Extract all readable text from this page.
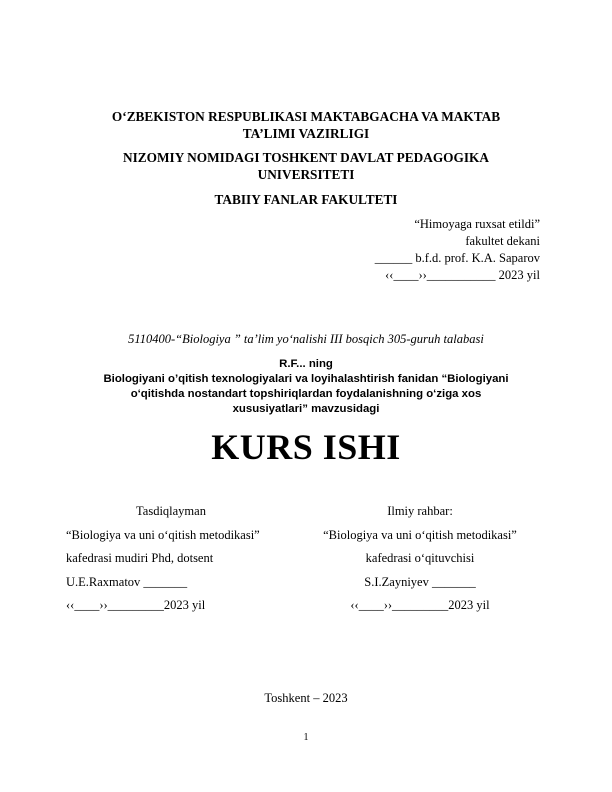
O‘ZBEKISTON RESPUBLIKASI MAKTABGACHA VA MAKTAB
TA’LIMI VAZIRLIGI
NIZOMIY NOMIDAGI TOSHKENT DAVLAT PEDAGOGIKA
UNIVERSITETI
TABIIY FANLAR FAKULTETI
“Himoyaga ruxsat etildi”
fakultet dekani
______ b.f.d. prof. K.A. Saparov
‹‹____››___________ 2023 yil
5110400-“Biologiya ” ta’lim yo‘nalishi III bosqich 305-guruh talabasi
R.F... ning
Biologiyani o’qitish texnologiyalari va loyihalashtirish fanidan “Biologiyani
o‘qitishda nostandart topshiriqlardan foydalanishning o‘ziga xos
xususiyatlari” mavzusidagi
KURS ISHI
Tasdiqlayman
“Biologiya va uni o‘qitish metodikasi”
kafedrasi mudiri Phd, dotsent
U.E.Raxmatov _______
‹‹____››_________2023 yil
Ilmiy rahbar:
“Biologiya va uni o‘qitish metodikasi”
kafedrasi o‘qituvchisi
S.I.Zayniyev _______
‹‹____››_________2023 yil
Toshkent – 2023
1
